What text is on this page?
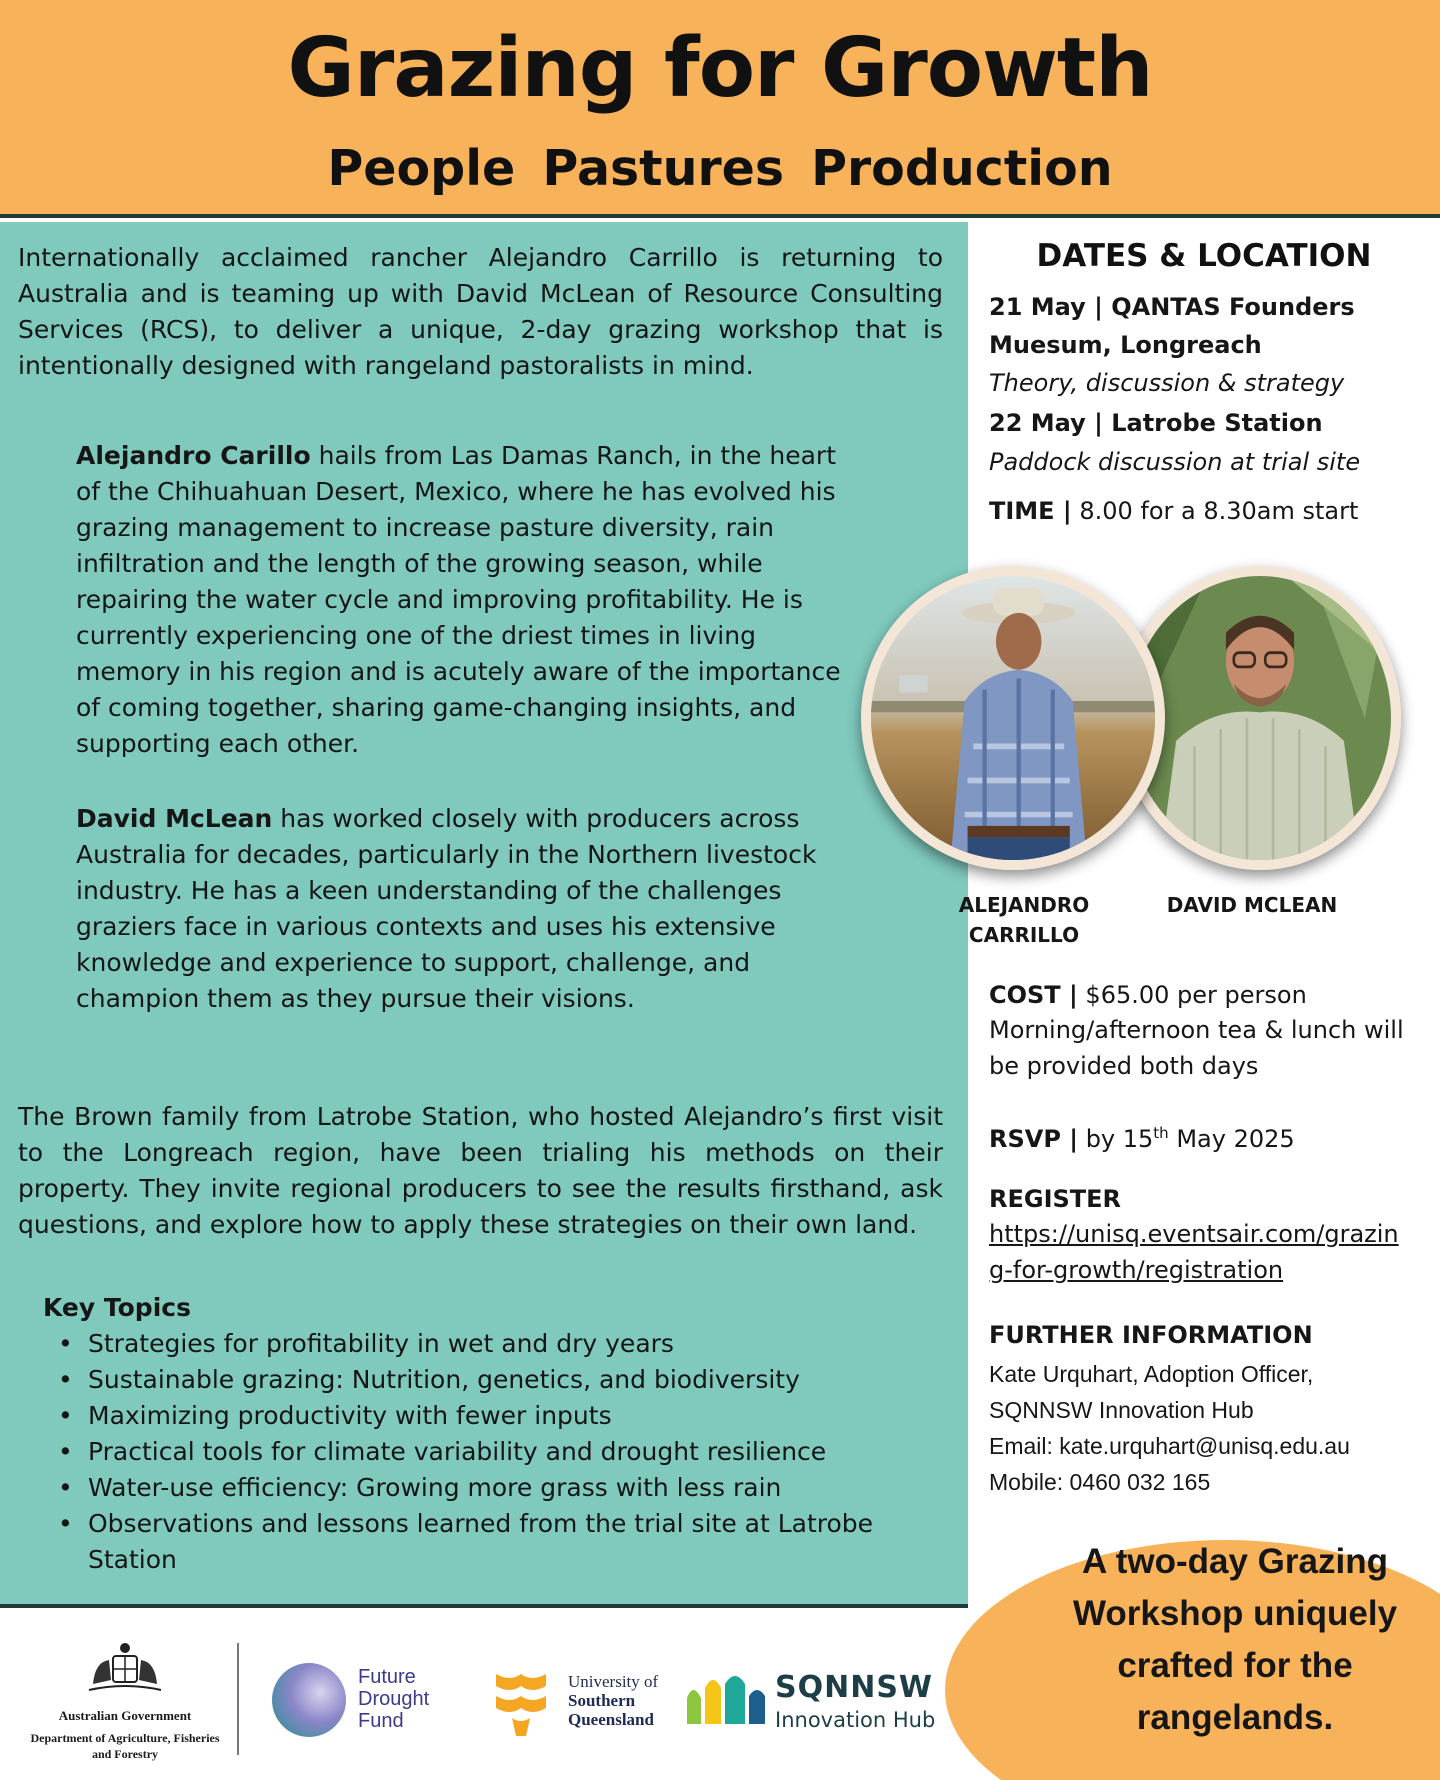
Grazing for Growth
People Pastures Production

Internationally acclaimed rancher Alejandro Carrillo is returning to Australia and is teaming up with David McLean of Resource Consulting Services (RCS), to deliver a unique, 2-day grazing workshop that is intentionally designed with rangeland pastoralists in mind.

Alejandro Carillo hails from Las Damas Ranch, in the heart of the Chihuahuan Desert, Mexico, where he has evolved his grazing management to increase pasture diversity, rain infiltration and the length of the growing season, while repairing the water cycle and improving profitability. He is currently experiencing one of the driest times in living memory in his region and is acutely aware of the importance of coming together, sharing game-changing insights, and supporting each other.

David McLean has worked closely with producers across Australia for decades, particularly in the Northern livestock industry. He has a keen understanding of the challenges graziers face in various contexts and uses his extensive knowledge and experience to support, challenge, and champion them as they pursue their visions.

The Brown family from Latrobe Station, who hosted Alejandro’s first visit to the Longreach region, have been trialing his methods on their property. They invite regional producers to see the results firsthand, ask questions, and explore how to apply these strategies on their own land.

Key Topics
• Strategies for profitability in wet and dry years
• Sustainable grazing: Nutrition, genetics, and biodiversity
• Maximizing productivity with fewer inputs
• Practical tools for climate variability and drought resilience
• Water-use efficiency: Growing more grass with less rain
• Observations and lessons learned from the trial site at Latrobe Station
DATES & LOCATION
21 May | QANTAS Founders Muesum, Longreach
Theory, discussion & strategy
22 May | Latrobe Station
Paddock discussion at trial site
TIME | 8.00 for a 8.30am start
COST | $65.00 per person
Morning/afternoon tea & lunch will be provided both days
RSVP | by 15th May 2025
REGISTER
https://unisq.eventsair.com/grazing-for-growth/registration
FURTHER INFORMATION
Kate Urquhart, Adoption Officer,
SQNNSW Innovation Hub
Email: kate.urquhart@unisq.edu.au
Mobile: 0460 032 165
ALEJANDRO CARRILLO
DAVID MCLEAN
Australian Government
Department of Agriculture, Fisheries and Forestry
Future
Drought
Fund
University of
Southern
Queensland
SQNNSW
Innovation Hub
A two-day Grazing Workshop uniquely crafted for the rangelands.
